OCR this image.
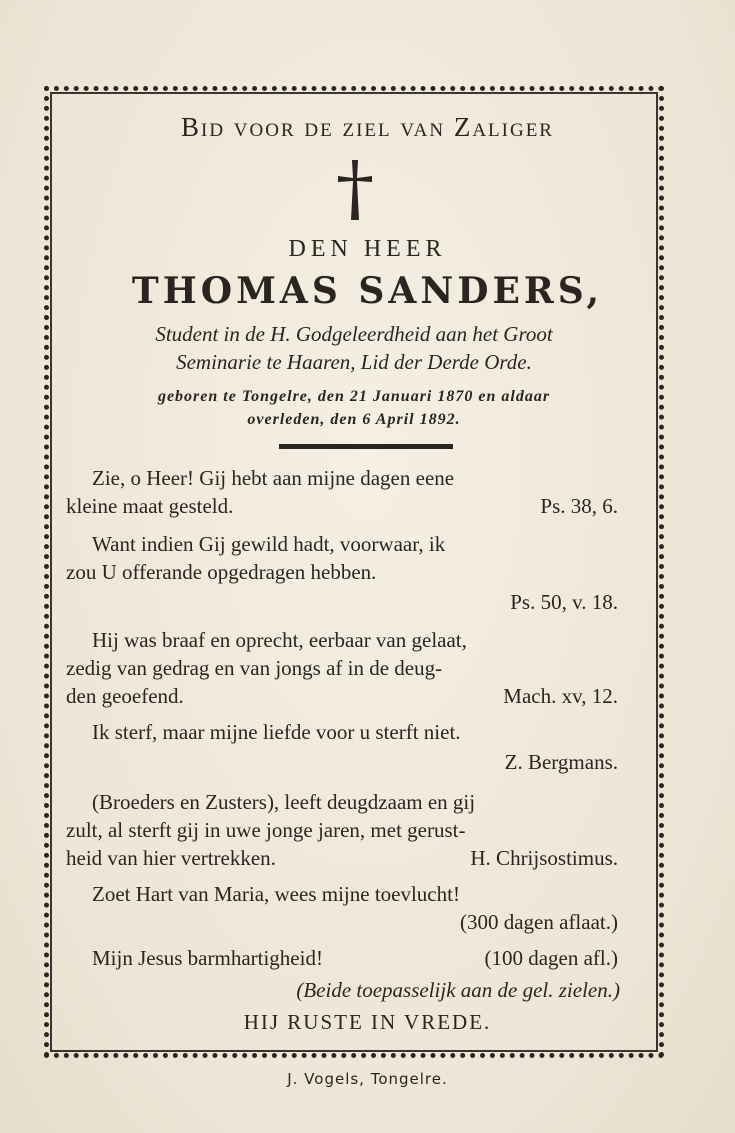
Bid voor de ziel van Zaliger
DEN HEER
THOMAS SANDERS,
Student in de H. Godgeleerdheid aan het Groot
Seminarie te Haaren, Lid der Derde Orde.
geboren te Tongelre, den 21 Januari 1870 en aldaar
overleden, den 6 April 1892.
Zie, o Heer! Gij hebt aan mijne dagen eene
kleine maat gesteld.	Ps. 38, 6.
Want indien Gij gewild hadt, voorwaar, ik
zou U offerande opgedragen hebben.
Ps. 50, v. 18.
Hij was braaf en oprecht, eerbaar van gelaat,
zedig van gedrag en van jongs af in de deug-
den geoefend.	Mach. xv, 12.
Ik sterf, maar mijne liefde voor u sterft niet.
Z. Bergmans.
(Broeders en Zusters), leeft deugdzaam en gij
zult, al sterft gij in uwe jonge jaren, met gerust-
heid van hier vertrekken.	H. Chrijsostimus.
Zoet Hart van Maria, wees mijne toevlucht!
(300 dagen aflaat.)
Mijn Jesus barmhartigheid!	(100 dagen afl.)
(Beide toepasselijk aan de gel. zielen.)
HIJ RUSTE IN VREDE.
J. Vogels, Tongelre.
